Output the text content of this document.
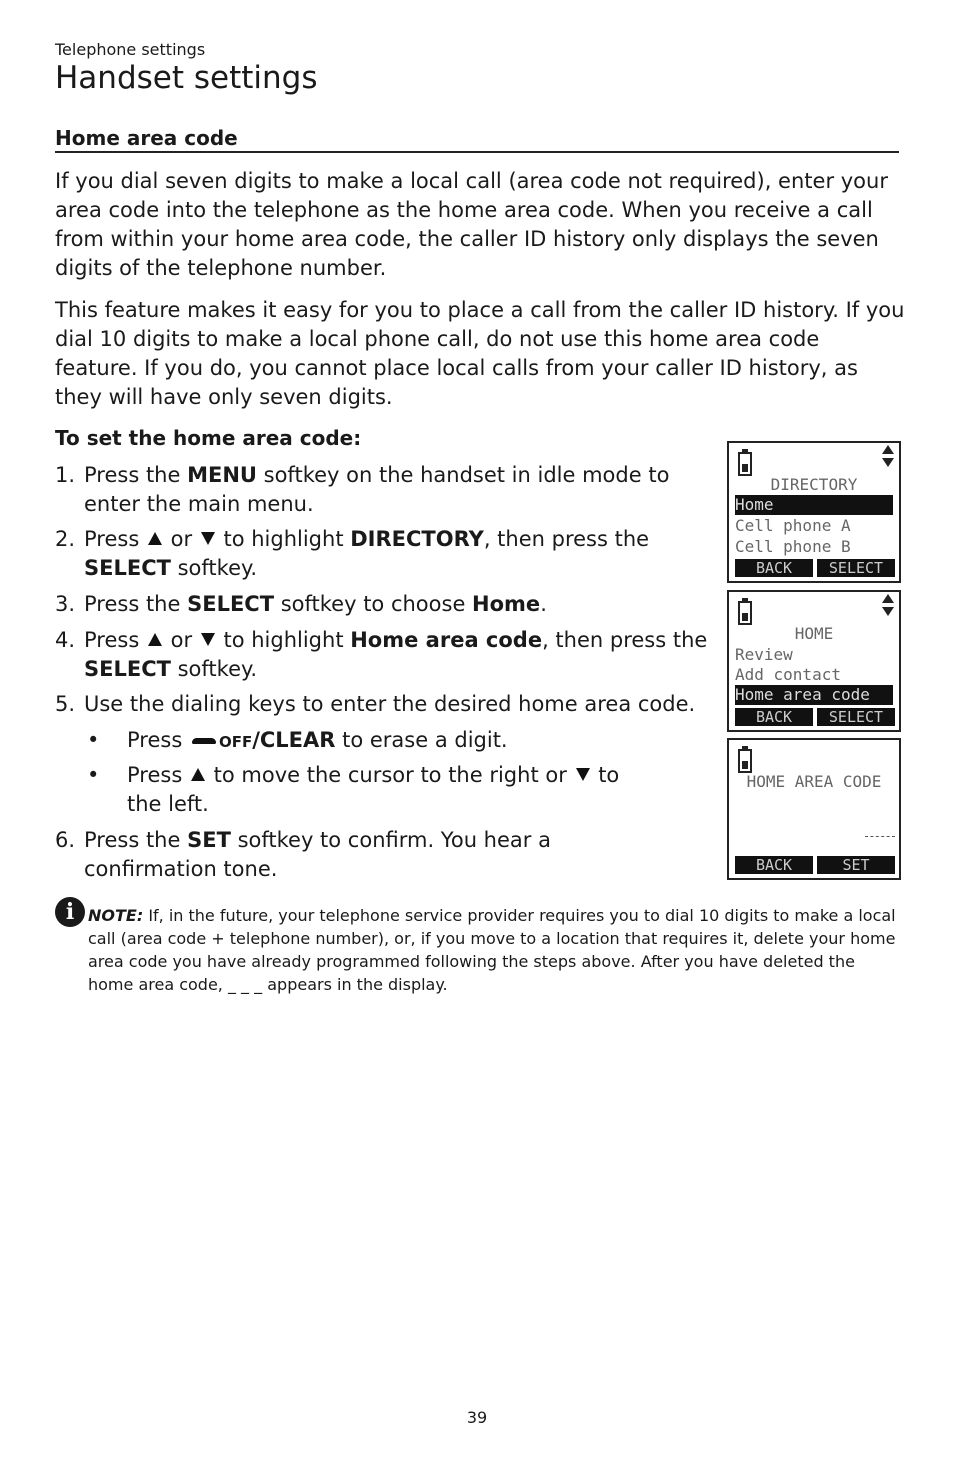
Telephone settings
Handset settings
Home area code
If you dial seven digits to make a local call (area code not required), enter your area code into the telephone as the home area code. When you receive a call from within your home area code, the caller ID history only displays the seven digits of the telephone number.
This feature makes it easy for you to place a call from the caller ID history. If you dial 10 digits to make a local phone call, do not use this home area code feature. If you do, you cannot place local calls from your caller ID history, as they will have only seven digits.
To set the home area code:
1. Press the MENU softkey on the handset in idle mode to enter the main menu.
2. Press  or  to highlight DIRECTORY, then press the SELECT softkey.
3. Press the SELECT softkey to choose Home.
4. Press  or  to highlight Home area code, then press the SELECT softkey.
5. Use the dialing keys to enter the desired home area code.
• Press
OFF/CLEAR to erase a digit.
• Press  to move the cursor to the right or  to the left.
6. Press the SET softkey to confirm. You hear a confirmation tone.
DIRECTORY
Home
Cell phone A
Cell phone B
BACK	SELECT
HOME
Review
Add contact
Home area code
BACK	SELECT
HOME AREA CODE
BACK	SET
i NOTE: If, in the future, your telephone service provider requires you to dial 10 digits to make a local call (area code + telephone number), or, if you move to a location that requires it, delete your home area code you have already programmed following the steps above. After you have deleted the home area code, _ _ _ appears in the display.
39
